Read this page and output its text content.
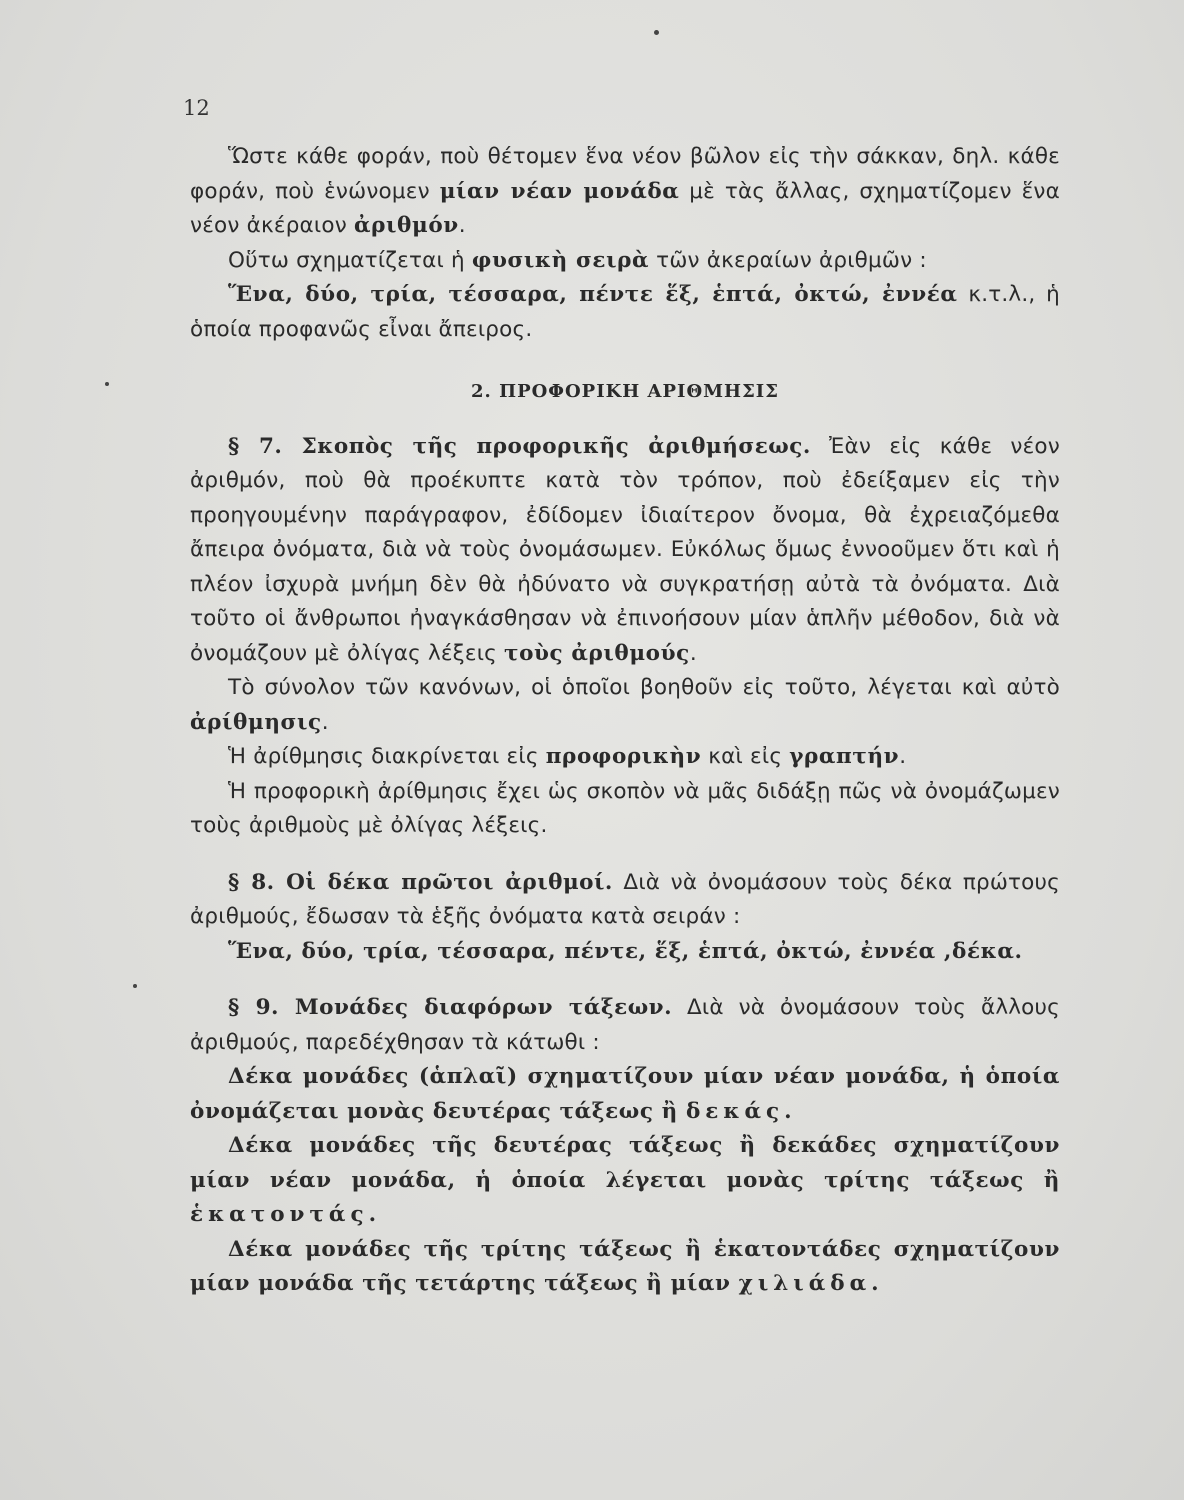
12

Ὥστε κάθε φοράν, ποὺ θέτομεν ἕνα νέον βῶλον εἰς τὴν σάκκαν, δηλ. κάθε φοράν, ποὺ ἑνώνομεν μίαν νέαν μονάδα μὲ τὰς ἄλλας, σχηματίζομεν ἕνα νέον ἀκέραιον ἀριθμόν.

Οὕτω σχηματίζεται ἡ φυσικὴ σειρὰ τῶν ἀκεραίων ἀριθμῶν :

Ἕνα, δύο, τρία, τέσσαρα, πέντε ἕξ, ἑπτά, ὀκτώ, ἐννέα κ.τ.λ., ἡ ὁποία προφανῶς εἶναι ἄπειρος.

2. ΠΡΟΦΟΡΙΚΗ ΑΡΙΘΜΗΣΙΣ

§ 7. Σκοπὸς τῆς προφορικῆς ἀριθμήσεως. Ἐὰν εἰς κάθε νέον ἀριθμόν, ποὺ θὰ προέκυπτε κατὰ τὸν τρόπον, ποὺ ἐδείξαμεν εἰς τὴν προηγουμένην παράγραφον, ἐδίδομεν ἰδιαίτερον ὄνομα, θὰ ἐχρειαζόμεθα ἄπειρα ὀνόματα, διὰ νὰ τοὺς ὀνομάσωμεν. Εὐκόλως ὅμως ἐννοοῦμεν ὅτι καὶ ἡ πλέον ἰσχυρὰ μνήμη δὲν θὰ ἠδύνατο νὰ συγκρατήσῃ αὐτὰ τὰ ὀνόματα. Διὰ τοῦτο οἱ ἄνθρωποι ἠναγκάσθησαν νὰ ἐπινοήσουν μίαν ἁπλῆν μέθοδον, διὰ νὰ ὀνομάζουν μὲ ὀλίγας λέξεις τοὺς ἀριθμούς.

Τὸ σύνολον τῶν κανόνων, οἱ ὁποῖοι βοηθοῦν εἰς τοῦτο, λέγεται καὶ αὐτὸ ἀρίθμησις.

Ἡ ἀρίθμησις διακρίνεται εἰς προφορικὴν καὶ εἰς γραπτήν.

Ἡ προφορικὴ ἀρίθμησις ἔχει ὡς σκοπὸν νὰ μᾶς διδάξῃ πῶς νὰ ὀνομάζωμεν τοὺς ἀριθμοὺς μὲ ὀλίγας λέξεις.

§ 8. Οἱ δέκα πρῶτοι ἀριθμοί. Διὰ νὰ ὀνομάσουν τοὺς δέκα πρώτους ἀριθμούς, ἔδωσαν τὰ ἑξῆς ὀνόματα κατὰ σειράν :

Ἕνα, δύο, τρία, τέσσαρα, πέντε, ἕξ, ἑπτά, ὀκτώ, ἐννέα ,δέκα.

§ 9. Μονάδες διαφόρων τάξεων. Διὰ νὰ ὀνομάσουν τοὺς ἄλλους ἀριθμούς, παρεδέχθησαν τὰ κάτωθι :

Δέκα μονάδες (ἁπλαῖ) σχηματίζουν μίαν νέαν μονάδα, ἡ ὁποία ὀνομάζεται μονὰς δευτέρας τάξεως ἢ δεκάς.

Δέκα μονάδες τῆς δευτέρας τάξεως ἢ δεκάδες σχηματίζουν μίαν νέαν μονάδα, ἡ ὁποία λέγεται μονὰς τρίτης τάξεως ἢ ἑκατοντάς.

Δέκα μονάδες τῆς τρίτης τάξεως ἢ ἑκατοντάδες σχηματίζουν μίαν μονάδα τῆς τετάρτης τάξεως ἢ μίαν χιλιάδα.
